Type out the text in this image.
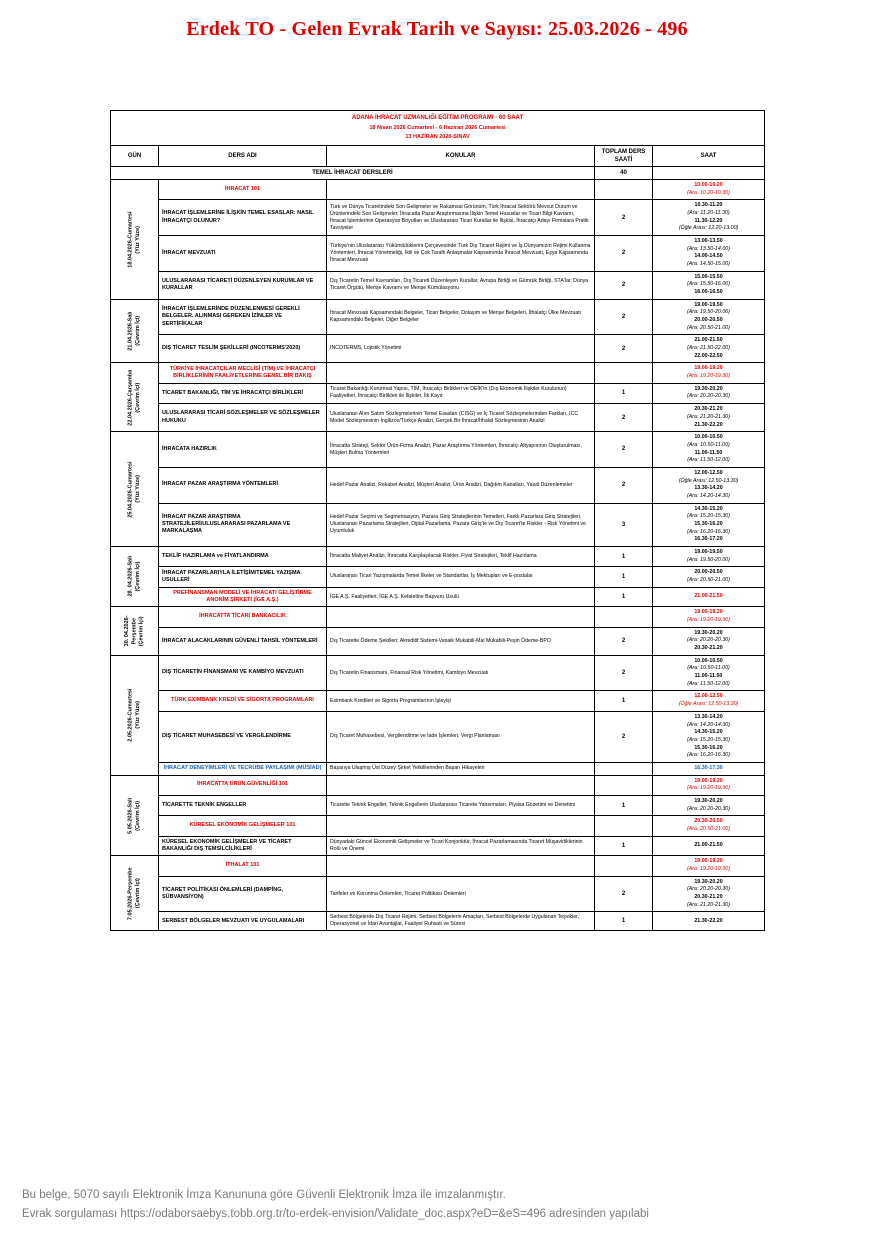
Erdek TO - Gelen Evrak Tarih ve Sayısı: 25.03.2026 - 496
ADANA İHRACAT UZMANLIĞI EĞİTİM PROGRAMI - 60 SAAT
18 Nisan 2026 Cumartesi - 6 Haziran 2026 Cumartesi
13 HAZİRAN 2026-SINAV				

GÜN	DERS ADI	KONULAR	TOPLAM DERS SAATİ	SAAT
TEMEL İHRACAT DERSLERİ			40	

18.04.2026-Cumartesi (Yüz Yüze)	İHRACAT 101			10.00-10.20
(Ara: 10.20-10.30)

İHRACAT İŞLEMLERİNE İLİŞKİN TEMEL ESASLAR: NASIL İHRACATÇI OLUNUR?	Türk ve Dünya Ticaretindeki Son Gelişmeler ve Rakamsal Görünüm, Türk İhracat Sektörü Mevcut Durum ve Ürünlerindeki Son Gelişmeler, İhracatta Pazar Araştırmasına İlişkin Temel Hususlar ve Ticari Bilgi Kavramı, İhracat İşlemlerinin Operasyon Boyutları ve Uluslararası Ticari Kurallar ile İlişkisi, İhracatçı Adayı Firmalara Pratik Tavsiyeler	2	
10.30-11.20
(Ara: 11.20-11.30)
11.30-12.20
(Öğle Arası: 12.20-13.00)

İHRACAT MEVZUATI	Türkiye'nin Uluslararası Yükümlülüklerini Çerçevesinde Türk Dış Ticaret Rejimi ve İş Dünyamızın Rejimi Kullanma Yöntemleri, İhracat Yönetmeliği, İkili ve Çok Taraflı Anlaşmalar Kapsamında İhracat Mevzuatı, Eşya Kapsamında İhracat Mevzuatı	2	
13.00-13.50
(Ara: 13.50-14.00)
14.00-14.50
(Ara: 14.50-15.00)

	ULUSLARARASI TİCARETİ DÜZENLEYEN KURUMLAR VE KURALLAR	Dış Ticaretin Temel Kavramları, Dış Ticareti Düzenleyen Kurallar, Avrupa Birliği ve Gümrük Birliği, STA'lar, Dünya Ticaret Örgütü, Menşe Kavramı ve Menşe Kümülasyonu	2	15.00-15.50
(Ara: 15.50-16.00)
16.00-16.50

21.04.2026-Salı (Çevrim İçi)	İHRACAT İŞLEMLERİNDE DÜZENLENMESİ GEREKLİ BELGELER, ALINMASI GEREKEN İZİNLER VE SERTİFİKALAR	İhracat Mevzuatı Kapsamındaki Belgeler, Ticari Belgeler, Dolaşım ve Menşe Belgeleri, İthalatçı Ülke Mevzuatı Kapsamındaki Belgeler, Diğer Belgeler	2	19.00-19.50
(Ara: 19.50-20.00)
20.00-20.50
(Ara: 20.50-21.00)

	DIŞ TİCARET TESLİM ŞEKİLLERİ (INCOTERMS'2020)	INCOTERMS, Lojistik Yönetimi	2	21.00-21.50
(Ara: 21.50-22.00)
22.00-22.50

22.04.2026-Çarşamba (Çevrim İçi)	TÜRKİYE İHRACATÇILAR MECLİSİ (TİM) VE İHRACATÇI BİRLİKLERİNİN FAALİYETLERİNE GENEL BİR BAKIŞ			19.00-19.20
(Ara: 19.20-19.30)

	TİCARET BAKANLIĞI, TİM VE İHRACATÇI BİRLİKLERİ	Ticaret Bakanlığı Kurumsal Yapısı, TİM, İhracatçı Birlikleri ve DEİK'in (Dış Ekonomik İlişkiler Kurulunun) Faaliyetleri, İhracatçı Birlikleri ile İlişkiler, İlk Kayıt	1	19.30-20.20
(Ara: 20.20-20.30)

ULUSLARARASI TİCARİ SÖZLEŞMELER VE SÖZLEŞMELER HUKUKU	Uluslararası Alım Satım Sözleşmelerinin Temel Esasları (CISG) ve İç Ticaret Sözleşmelerinden Farkları, ICC Model Sözleşmesinin İngilizce/Türkçe Analizi, Gerçek Bir İhracat/İthalat Sözleşmesinin Analizi	2	
20.30-21.20
(Ara: 21.20-21.30)
21.30-22.20

25.04.2026-Cumartesi (Yüz Yüze)	İHRACATA HAZIRLIK	İhracatta Strateji, Sektör Ürün-Firma Analizi, Pazar Araştırma Yöntemleri, İhracatçı Altyapısının Oluşturulması, Müşteri Bulma Yöntemleri	2	10.00-10.50
(Ara: 10.50-11.00)
11.00-11.50
(Ara: 11.50-12.00)

	İHRACAT PAZAR ARAŞTIRMA YÖNTEMLERİ	Hedef Pazar Analizi, Rekabet Analizi, Müşteri Analizi, Ürün Analizi, Dağıtım Kanalları, Yasal Düzenlemeler	2	12.00-12.50
(Öğle Arası: 12.50-13.30)
13.30-14.20
(Ara: 14.20-14.30)

İHRACAT PAZAR ARAŞTIRMA STRATEJİLERİ/ULUSLARARASI PAZARLAMA VE MARKALAŞMA	Hedef Pazar Seçimi ve Segmentasyon, Pazara Giriş Stratejilerinin Temelleri, Farklı Pazarlara Giriş Stratejileri, Uluslararası Pazarlama Stratejileri, Dijital Pazarlama, Pazara Giriş'te ve Dış Ticaret'te Riskler - Risk Yönetimi ve Uyumluluk	3	
14.30-15.20
(Ara: 15.20-15.30)
15.30-16.20
(Ara: 16.20-16.30)
16.30-17.20

28. 04.2026-Salı (Çevrim İçi)	TEKLİF HAZIRLAMA ve FİYATLANDIRMA	İhracatta Maliyet Analizi, İhracatta Karşılaşılacak Riskler, Fiyat Stratejileri, Teklif Hazırlama	1	19.00-19.50
(Ara: 19.50-20.00)

	İHRACAT PAZARLARIYLA İLETİŞİM/TEMEL YAZIŞMA USULLERİ	Uluslararası Ticari Yazışmalarda Temel İlkeler ve Standartlar, İş Mektupları ve E-postalar	1	20.00-20.50
(Ara: 20.50-21.00)

	PREFİNANSMAN MODELİ VE İHRACATI GELİŞTİRME ANONİM ŞİRKETİ (İGE A.Ş.)	İGE A.Ş. Faaliyetleri, İGE A.Ş. Kefaletine Başvuru Usulü	1	21.00-21.50

30. 04.2026- Perşembe (Çevrim İçi)	İHRACATTA TİCARİ BANKACILIK			19.00-19.20
(Ara: 19.20-19.30)

	İHRACAT ALACAKLARININ GÜVENLİ TAHSİL YÖNTEMLERİ	Dış Ticarette Ödeme Şekilleri; Akreditif Sistemi-Vesaik Mukabili-Mal Mukabili-Peşin Ödeme-BPO	2	19.30-20.20
(Ara: 20.20-20.30)
20.30-21.20

2.05.2026-Cumartesi (Yüz Yüze)	DIŞ TİCARETİN FİNANSMANI VE KAMBİYO MEVZUATI	Dış Ticaretin Finansmanı, Finansal Risk Yönetimi, Kambiyo Mevzuatı	2	10.00-10.50
(Ara: 10.50-11.00)
11.00-11.50
(Ara: 11.50-12.00)

	TÜRK EXIMBANK KREDİ VE SİGORTA PROGRAMLARI	Eximbank Kredileri ve Sigorta Programlarının İşleyişi	1	12.00-12.50
(Öğle Arası: 12.50-13.30)

DIŞ TİCARET MUHASEBESİ VE VERGİLENDİRME	Dış Ticaret Muhasebesi, Vergilendirme ve İade İşlemleri, Vergi Planlaması	2	
13.30-14.20
(Ara: 14.20-14.30)
14.30-15.20
(Ara: 15.20-15.30)
15.30-16.20
(Ara: 16.20-16.30)

	İHRACAT DENEYİMLERİ VE TECRÜBE PAYLAŞIMI (MÜSİAD)	Başarıya Ulaşmış Üst Düzey Şirket Yetkililerinden Başarı Hikayeleri		16.30-17.30

5.05.2026-Salı (Çevrim İçi)	İHRACATTA ÜRÜN GÜVENLİĞİ 101			19.00-19.20
(Ara: 19.20-19.30)

	TİCARETTE TEKNİK ENGELLER	Ticarette Teknik Engeller, Teknik Engellerin Uluslararası Ticarete Yansımaları, Piyasa Gözetimi ve Denetimi	1	19.30-20.20
(Ara: 20.20-20.30)

	KÜRESEL EKONOMİK GELİŞMELER 101			20.30-20.50
(Ara: 20.50-21.00)

	KÜRESEL EKONOMİK GELİŞMELER VE TİCARET BAKANLIĞI DIŞ TEMSİLCİLİKLERİ	Dünyadaki Güncel Ekonomik Gelişmeler ve Ticari Konjonktür, İhracat Pazarlamasında Ticaret Müşavirliklerinin Rolü ve Önemi	1	21.00-21.50

7.05.2026-Perşembe (Çevrim İçi)	İTHALAT 101			19.00-19.20
(Ara: 19.20-19.30)

	TİCARET POLİTİKASI ÖNLEMLERİ (DAMPİNG, SÜBVANSİYON)	Tarifeler ve Korunma Önlemleri, Ticaret Politikası Önlemleri	2	19.30-20.20
(Ara: 20.20-20.30)
20.30-21.20
(Ara: 21.20-21.30)

	SERBEST BÖLGELER MEVZUATI VE UYGULAMALARI	Serbest Bölgelerde Dış Ticaret Rejimi, Serbest Bölgelerin Amaçları, Serbest Bölgelerde Uygulanan Teşvikler, Operasyonel ve İdari Avantajlar, Faaliyet Ruhsatı ve Süresi	1	21.30-22.20
Bu belge, 5070 sayılı Elektronik İmza Kanununa göre Güvenli Elektronik İmza ile imzalanmıştır.
Evrak sorgulaması https://odaborsaebys.tobb.org.tr/to-erdek-envision/Validate_doc.aspx?eD=&eS=496 adresinden yapılabi
